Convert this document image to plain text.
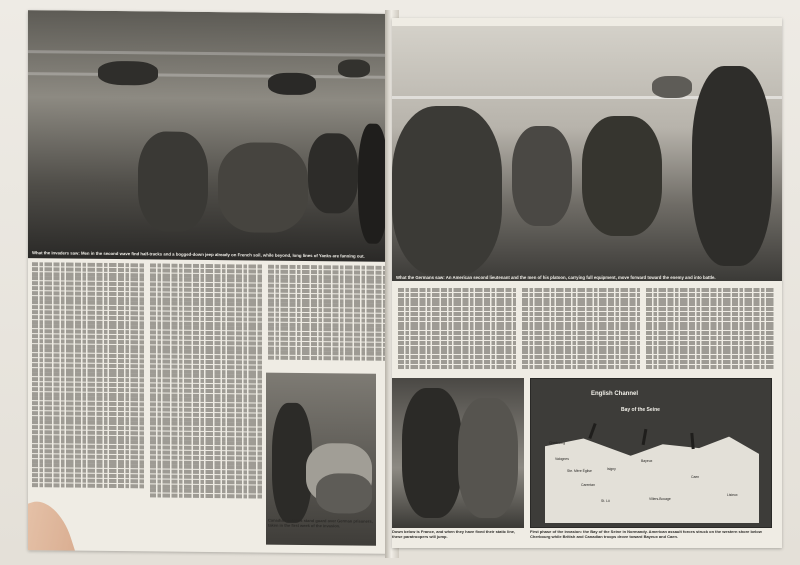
What the invaders saw: Men in the second wave find half-tracks and a bogged-down jeep already on French soil, while beyond, long lines of Yanks are fanning out.
Canadian soldiers stand guard over German prisoners, taken in the first week of the invasion.
What the Germans saw: An American second lieutenant and the men of his platoon, carrying full equipment, move forward toward the enemy and into battle.
Down below is France, and when they have fixed their static line, these paratroopers will jump.
English Channel
Bay of the Seine
Cherbourg
Valognes
Ste. Mère Église
Carentan
Bayeux
Caen
St. Lô
Isigny
Villers-Bocage
Lisieux
First phase of the invasion: the Bay of the Seine in Normandy. American assault forces struck on the western shore below Cherbourg while British and Canadian troops drove toward Bayeux and Caen.
